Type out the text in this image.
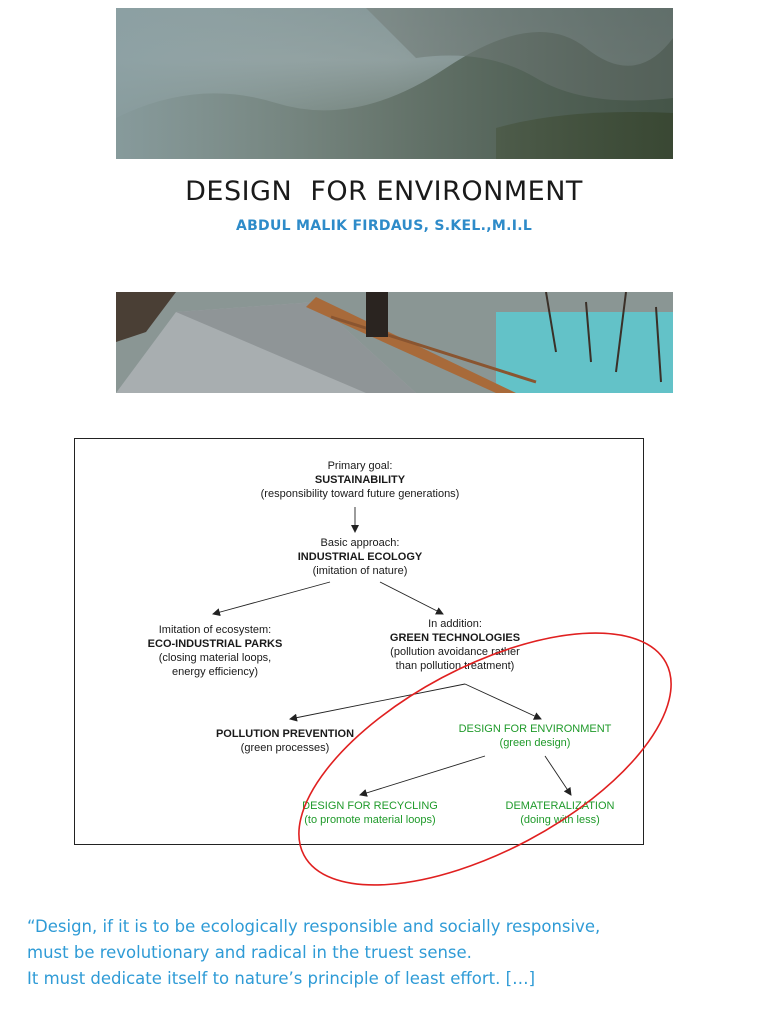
DESIGN  FOR ENVIRONMENT
ABDUL MALIK FIRDAUS, S.KEL.,M.I.L
Primary goal:
SUSTAINABILITY
(responsibility toward future generations)
Basic approach:
INDUSTRIAL ECOLOGY
(imitation of nature)
Imitation of ecosystem:
ECO-INDUSTRIAL PARKS
(closing material loops,
energy efficiency)
In addition:
GREEN TECHNOLOGIES
(pollution avoidance rather
than pollution treatment)
POLLUTION PREVENTION
(green processes)
DESIGN FOR ENVIRONMENT
(green design)
DESIGN FOR RECYCLING
(to promote material loops)
DEMATERALIZATION
(doing with less)
“Design, if it is to be ecologically responsible and socially responsive,
must be revolutionary and radical in the truest sense.
It must dedicate itself to nature’s principle of least effort. […]
